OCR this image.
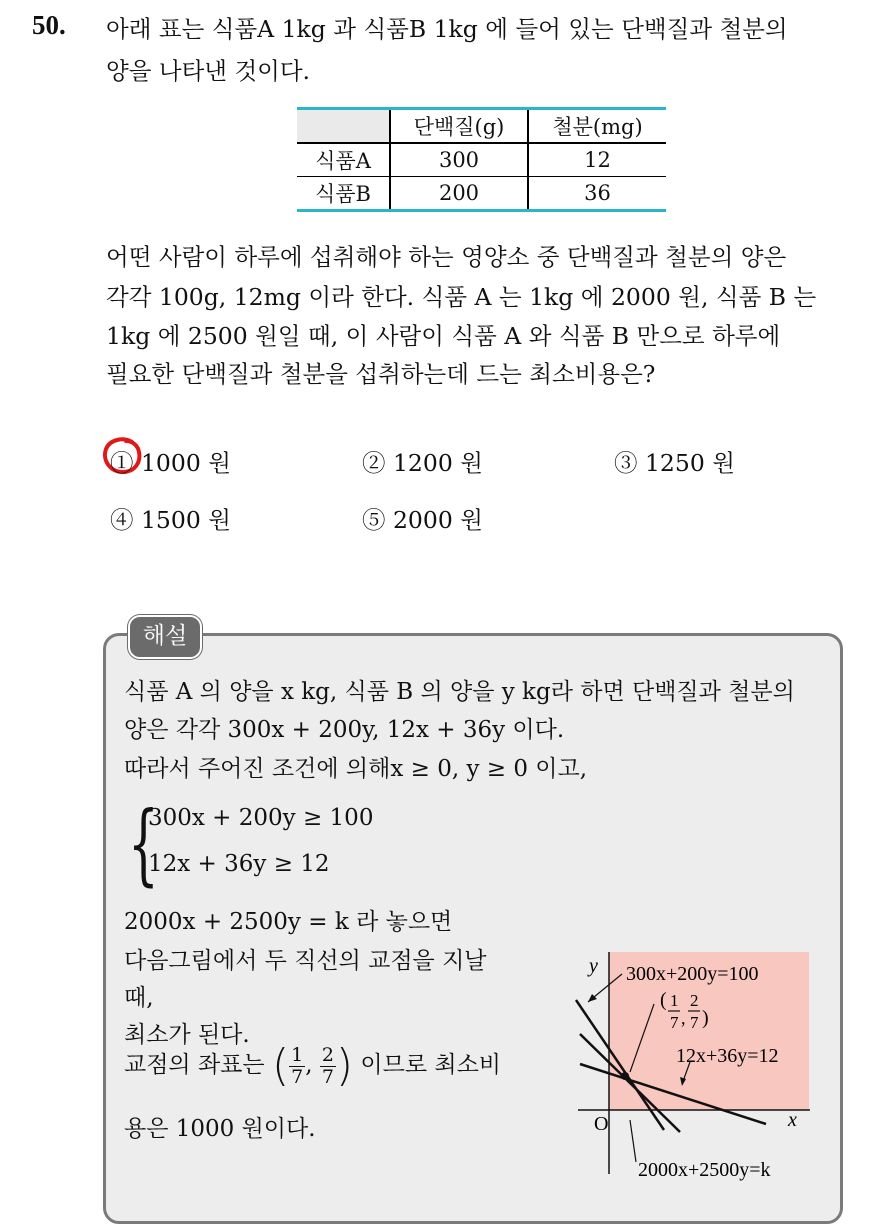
50. 아래 표는 식품A 1kg 과 식품B 1kg 에 들어 있는 단백질과 철분의
양을 나타낸 것이다.
	단백질(g)	철분(mg)
식품A	300	12
식품B	200	36
어떤 사람이 하루에 섭취해야 하는 영양소 중 단백질과 철분의 양은
각각 100g, 12mg 이라 한다. 식품 A 는 1kg 에 2000 원, 식품 B 는
1kg 에 2500 원일 때, 이 사람이 식품 A 와 식품 B 만으로 하루에
필요한 단백질과 철분을 섭취하는데 드는 최소비용은?
① 1000 원	② 1200 원	③ 1250 원
④ 1500 원	⑤ 2000 원
해설
식품 A 의 양을 x kg, 식품 B 의 양을 y kg라 하면 단백질과 철분의
양은 각각 300x + 200y, 12x + 36y 이다.
따라서 주어진 조건에 의해x ≥ 0, y ≥ 0 이고,
{
300x + 200y ≥ 100
12x + 36y ≥ 12
2000x + 2500y = k 라 놓으면
다음그림에서 두 직선의 교점을 지날
때,
최소가 된다.
교점의 좌표는 ( $\frac{1}{7}$ , $\frac{2}{7}$ ) 이므로 최소비
용은 1000 원이다.
y
x
O
300x+200y=100
( 1
7 ,
2
7 )
12x+36y=12
2000x+2500y=k
